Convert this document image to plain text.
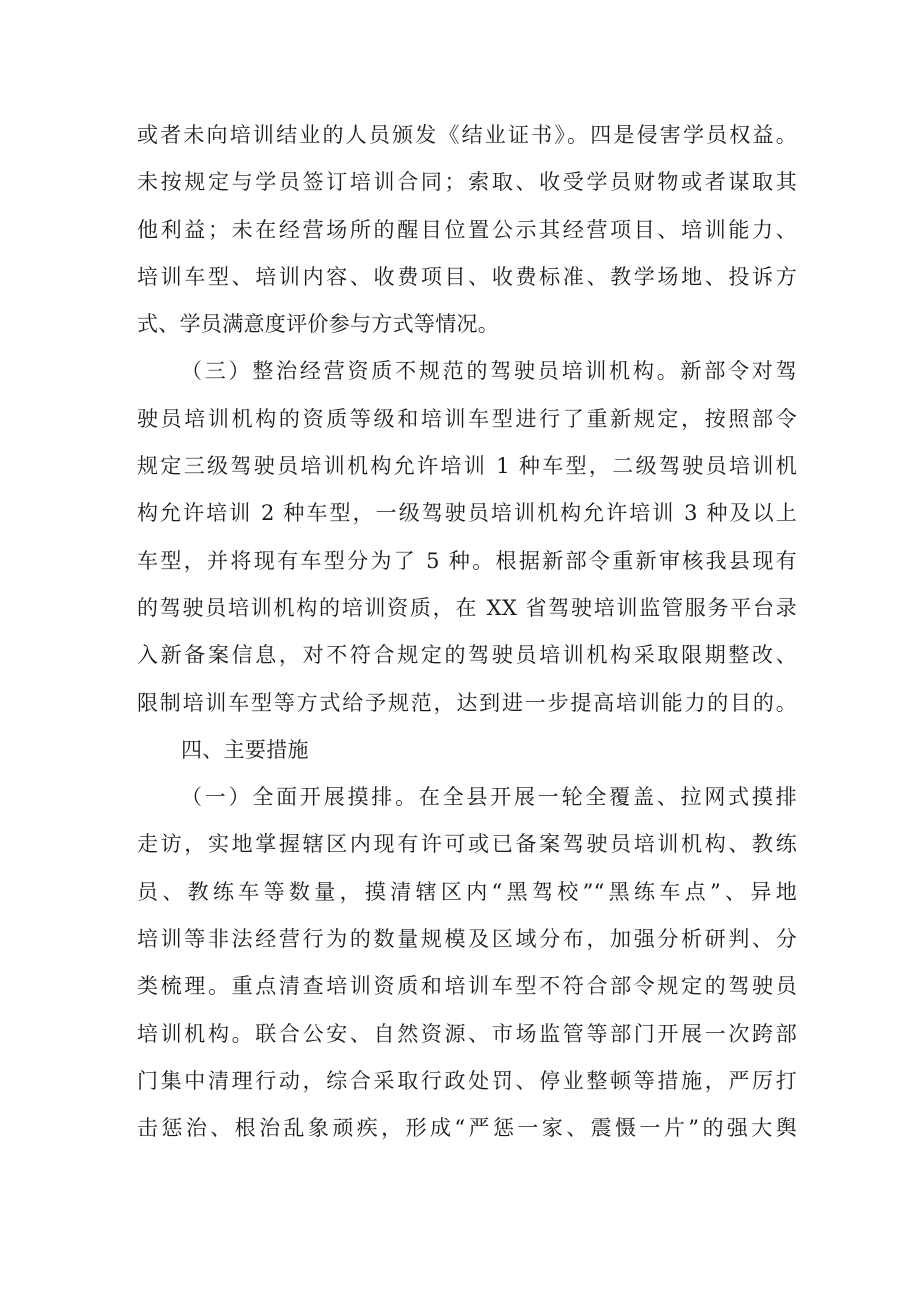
或者未向培训结业的人员颁发《结业证书》。四是侵害学员权益。
未按规定与学员签订培训合同；索取、收受学员财物或者谋取其
他利益；未在经营场所的醒目位置公示其经营项目、培训能力、
培训车型、培训内容、收费项目、收费标准、教学场地、投诉方
式、学员满意度评价参与方式等情况。
（三）整治经营资质不规范的驾驶员培训机构。新部令对驾
驶员培训机构的资质等级和培训车型进行了重新规定，按照部令
规定三级驾驶员培训机构允许培训 1 种车型，二级驾驶员培训机
构允许培训 2 种车型，一级驾驶员培训机构允许培训 3 种及以上
车型，并将现有车型分为了 5 种。根据新部令重新审核我县现有
的驾驶员培训机构的培训资质，在 XX 省驾驶培训监管服务平台录
入新备案信息，对不符合规定的驾驶员培训机构采取限期整改、
限制培训车型等方式给予规范，达到进一步提高培训能力的目的。
四、主要措施
（一）全面开展摸排。在全县开展一轮全覆盖、拉网式摸排
走访，实地掌握辖区内现有许可或已备案驾驶员培训机构、教练
员、教练车等数量，摸清辖区内“黑驾校”“黑练车点”、异地
培训等非法经营行为的数量规模及区域分布，加强分析研判、分
类梳理。重点清查培训资质和培训车型不符合部令规定的驾驶员
培训机构。联合公安、自然资源、市场监管等部门开展一次跨部
门集中清理行动，综合采取行政处罚、停业整顿等措施，严厉打
击惩治、根治乱象顽疾，形成“严惩一家、震慑一片”的强大舆
